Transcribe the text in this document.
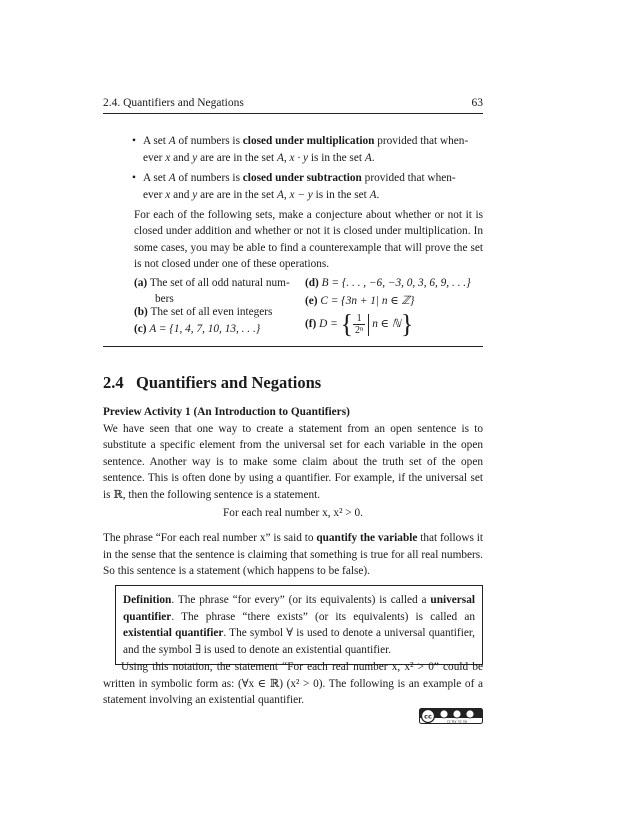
2.4. Quantifiers and Negations	63
• A set A of numbers is closed under multiplication provided that when-
ever x and y are are in the set A, x · y is in the set A.
• A set A of numbers is closed under subtraction provided that when-
ever x and y are are in the set A, x − y is in the set A.
For each of the following sets, make a conjecture about whether or not it is closed under addition and whether or not it is closed under multiplication. In some cases, you may be able to find a counterexample that will prove the set is not closed under one of these operations.
(a) The set of all odd natural num-
bers
(b) The set of all even integers
(c) A = {1, 4, 7, 10, 13, . . .}
(d) B = {. . . , −6, −3, 0, 3, 6, 9, . . .}
(e) C = {3n + 1| n ∈ ℤ}
(f) D = { $\frac{1}{\text{2ⁿ}}$ n ∈ ℕ}
2.4 Quantifiers and Negations
Preview Activity 1 (An Introduction to Quantifiers)
We have seen that one way to create a statement from an open sentence is to substitute a specific element from the universal set for each variable in the open sentence. Another way is to make some claim about the truth set of the open sentence. This is often done by using a quantifier. For example, if the universal set is ℝ, then the following sentence is a statement.
For each real number x, x² > 0.
The phrase “For each real number x” is said to quantify the variable that follows it in the sense that the sentence is claiming that something is true for all real numbers. So this sentence is a statement (which happens to be false).
Definition. The phrase “for every” (or its equivalents) is called a universal quantifier. The phrase “there exists” (or its equivalents) is called an existential quantifier. The symbol ∀ is used to denote a universal quantifier, and the symbol ∃ is used to denote an existential quantifier.
Using this notation, the statement “For each real number x, x² > 0” could be written in symbolic form as: (∀x ∈ ℝ) (x² > 0). The following is an example of a statement involving an existential quantifier.
cc
cc by nc sa
